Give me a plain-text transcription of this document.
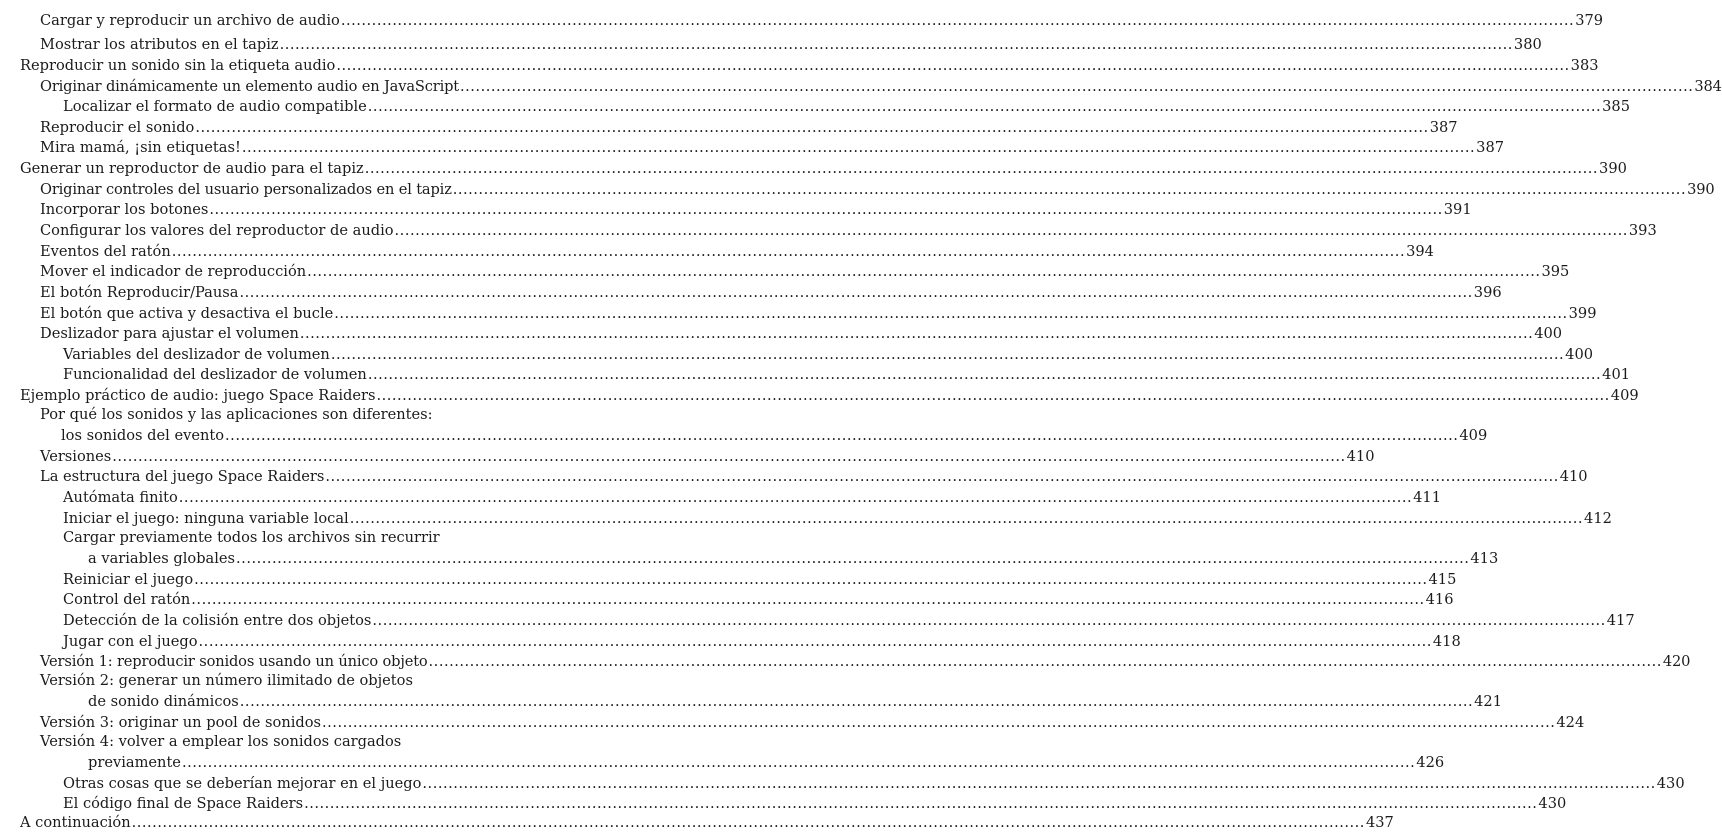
Cargar y reproducir un archivo de audio .....	379
Mostrar los atributos en el tapiz .....	380
Reproducir un sonido sin la etiqueta audio .....	383
Originar dinámicamente un elemento audio en JavaScript .....	384
Localizar el formato de audio compatible .....	385
Reproducir el sonido .....	387
Mira mamá, ¡sin etiquetas! .....	387
Generar un reproductor de audio para el tapiz .....	390
Originar controles del usuario personalizados en el tapiz .....	390
Incorporar los botones .....	391
Configurar los valores del reproductor de audio .....	393
Eventos del ratón .....	394
Mover el indicador de reproducción .....	395
El botón Reproducir/Pausa .....	396
El botón que activa y desactiva el bucle .....	399
Deslizador para ajustar el volumen .....	400
Variables del deslizador de volumen .....	400
Funcionalidad del deslizador de volumen .....	401
Ejemplo práctico de audio: juego Space Raiders .....	409
Por qué los sonidos y las aplicaciones son diferentes:
los sonidos del evento .....	409
Versiones .....	410
La estructura del juego Space Raiders .....	410
Autómata finito .....	411
Iniciar el juego: ninguna variable local .....	412
Cargar previamente todos los archivos sin recurrir
a variables globales .....	413
Reiniciar el juego .....	415
Control del ratón .....	416
Detección de la colisión entre dos objetos .....	417
Jugar con el juego .....	418
Versión 1: reproducir sonidos usando un único objeto .....	420
Versión 2: generar un número ilimitado de objetos
de sonido dinámicos .....	421
Versión 3: originar un pool de sonidos .....	424
Versión 4: volver a emplear los sonidos cargados
previamente .....	426
Otras cosas que se deberían mejorar en el juego .....	430
El código final de Space Raiders .....	430
A continuación .....	437
